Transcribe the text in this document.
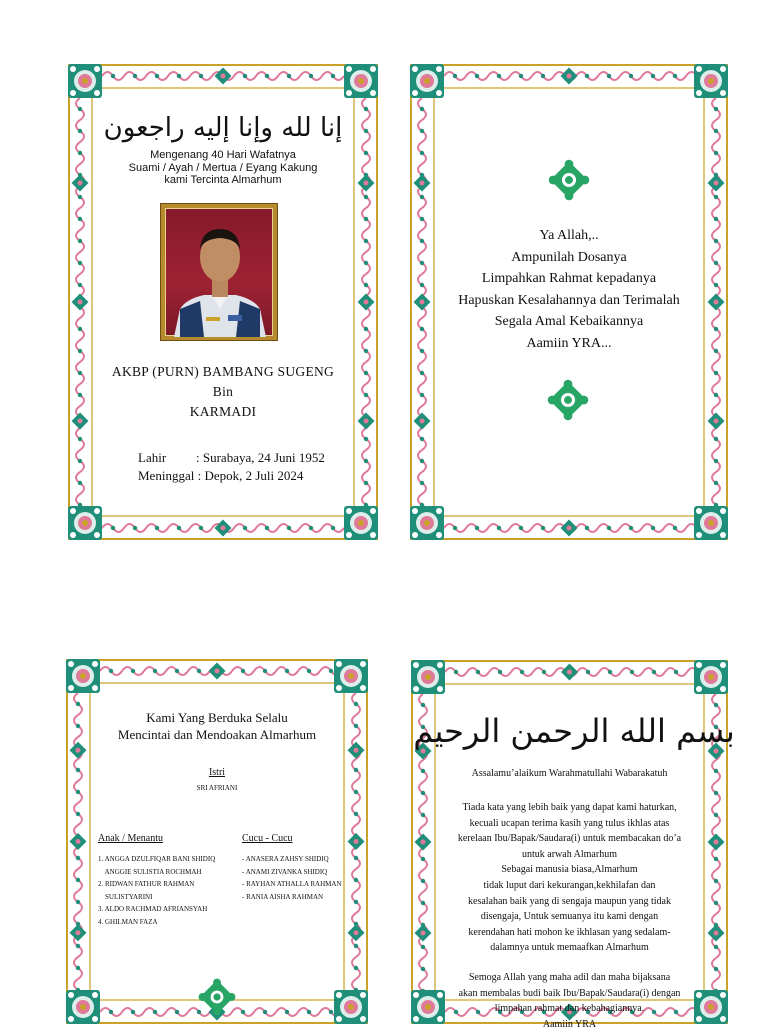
إنا لله وإنا إليه راجعون
Mengenang 40 Hari Wafatnya
Suami / Ayah / Mertua / Eyang Kakung
kami Tercinta Almarhum
AKBP (PURN) BAMBANG SUGENG
Bin
KARMADI
Lahir : Surabaya, 24 Juni 1952
Meninggal : Depok, 2 Juli 2024
Ya Allah,..
Ampunilah Dosanya
Limpahkan Rahmat kepadanya
Hapuskan Kesalahannya dan Terimalah
Segala Amal Kebaikannya
Aamiin YRA...
Kami Yang Berduka Selalu
Mencintai dan Mendoakan Almarhum
Istri
SRI AFRIANI
Anak / Menantu	Cucu - Cucu
1. ANGGA DZULFIQAR BANI SHIDIQ
ANGGIE SULISTIA ROCHMAH
2. RIDWAN FATHUR RAHMAN
SULISTYARINI
3. ALDO RACHMAD AFRIANSYAH
4. GHILMAN FAZA
- ANASERA ZAHSY SHIDIQ
- ANAMI ZIVANKA SHIDIQ
- RAYHAN ATHALLA RAHMAN
- RANIA AISHA RAHMAN
بسم الله الرحمن الرحيم
Assalamu’alaikum Warahmatullahi Wabarakatuh
Tiada kata yang lebih baik yang dapat kami haturkan,
kecuali ucapan terima kasih yang tulus ikhlas atas
kerelaan Ibu/Bapak/Saudara(i) untuk membacakan do’a
untuk arwah Almarhum
Sebagai manusia biasa,Almarhum
tidak luput dari kekurangan,kekhilafan dan
kesalahan baik yang di sengaja maupun yang tidak
disengaja, Untuk semuanya itu kami dengan
kerendahan hati mohon ke ikhlasan yang sedalam-
dalamnya untuk memaafkan Almarhum
Semoga Allah yang maha adil dan maha bijaksana
akan membalas budi baik Ibu/Bapak/Saudara(i) dengan
limpahan rahmat dan kebahagiannya.
Aamiin YRA
